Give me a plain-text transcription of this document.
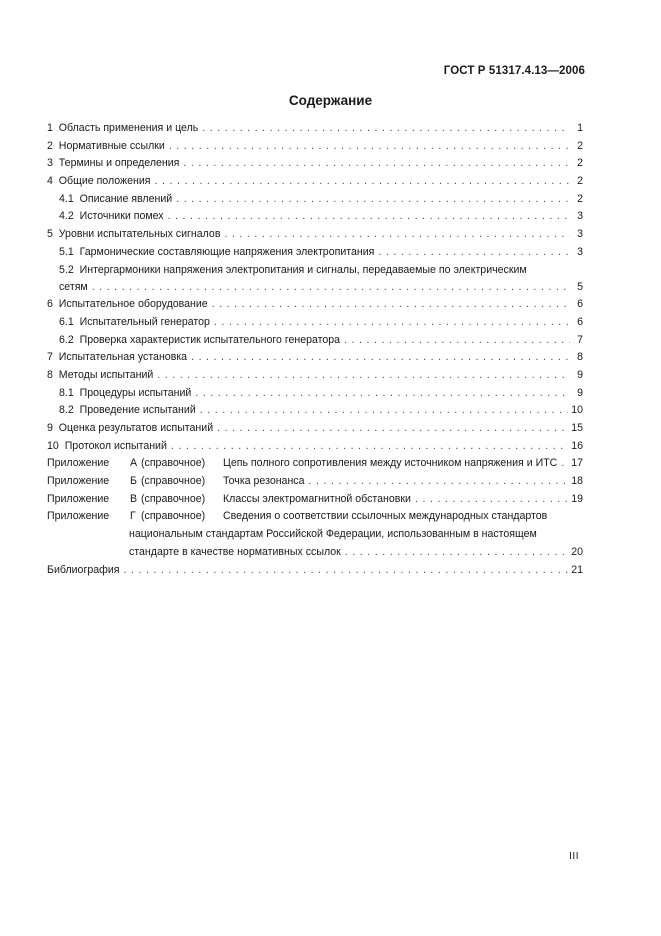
ГОСТ Р 51317.4.13—2006
Содержание
1 Область применения и цель . . .	1
2 Нормативные ссылки . . .	2
3 Термины и определения . . .	2
4 Общие положения . . .	2
4.1 Описание явлений . . .	2
4.2 Источники помех . . .	3
5 Уровни испытательных сигналов . . .	3
5.1 Гармонические составляющие напряжения электропитания . . .	3
5.2 Интергармоники напряжения электропитания и сигналы, передаваемые по электрическим
сетям . . .	5
6 Испытательное оборудование . . .	6
6.1 Испытательный генератор . . .	6
6.2 Проверка характеристик испытательного генератора . . .	7
7 Испытательная установка . . .	8
8 Методы испытаний . . .	9
8.1 Процедуры испытаний . . .	9
8.2 Проведение испытаний . . .	10
9 Оценка результатов испытаний . . .	15
10 Протокол испытаний . . .	16
Приложение	А (справочное)	Цепь полного сопротивления между источником напряжения и ИТС . . . 17
Приложение	Б (справочное)	Точка резонанса . . .	18
Приложение	В (справочное)	Классы электромагнитной обстановки . . .	19
Приложение	Г (справочное)	Сведения о соответствии ссылочных международных стандартов
национальным стандартам Российской Федерации, использованным в настоящем
стандарте в качестве нормативных ссылок . . .	20
Библиография . . .	21
III
